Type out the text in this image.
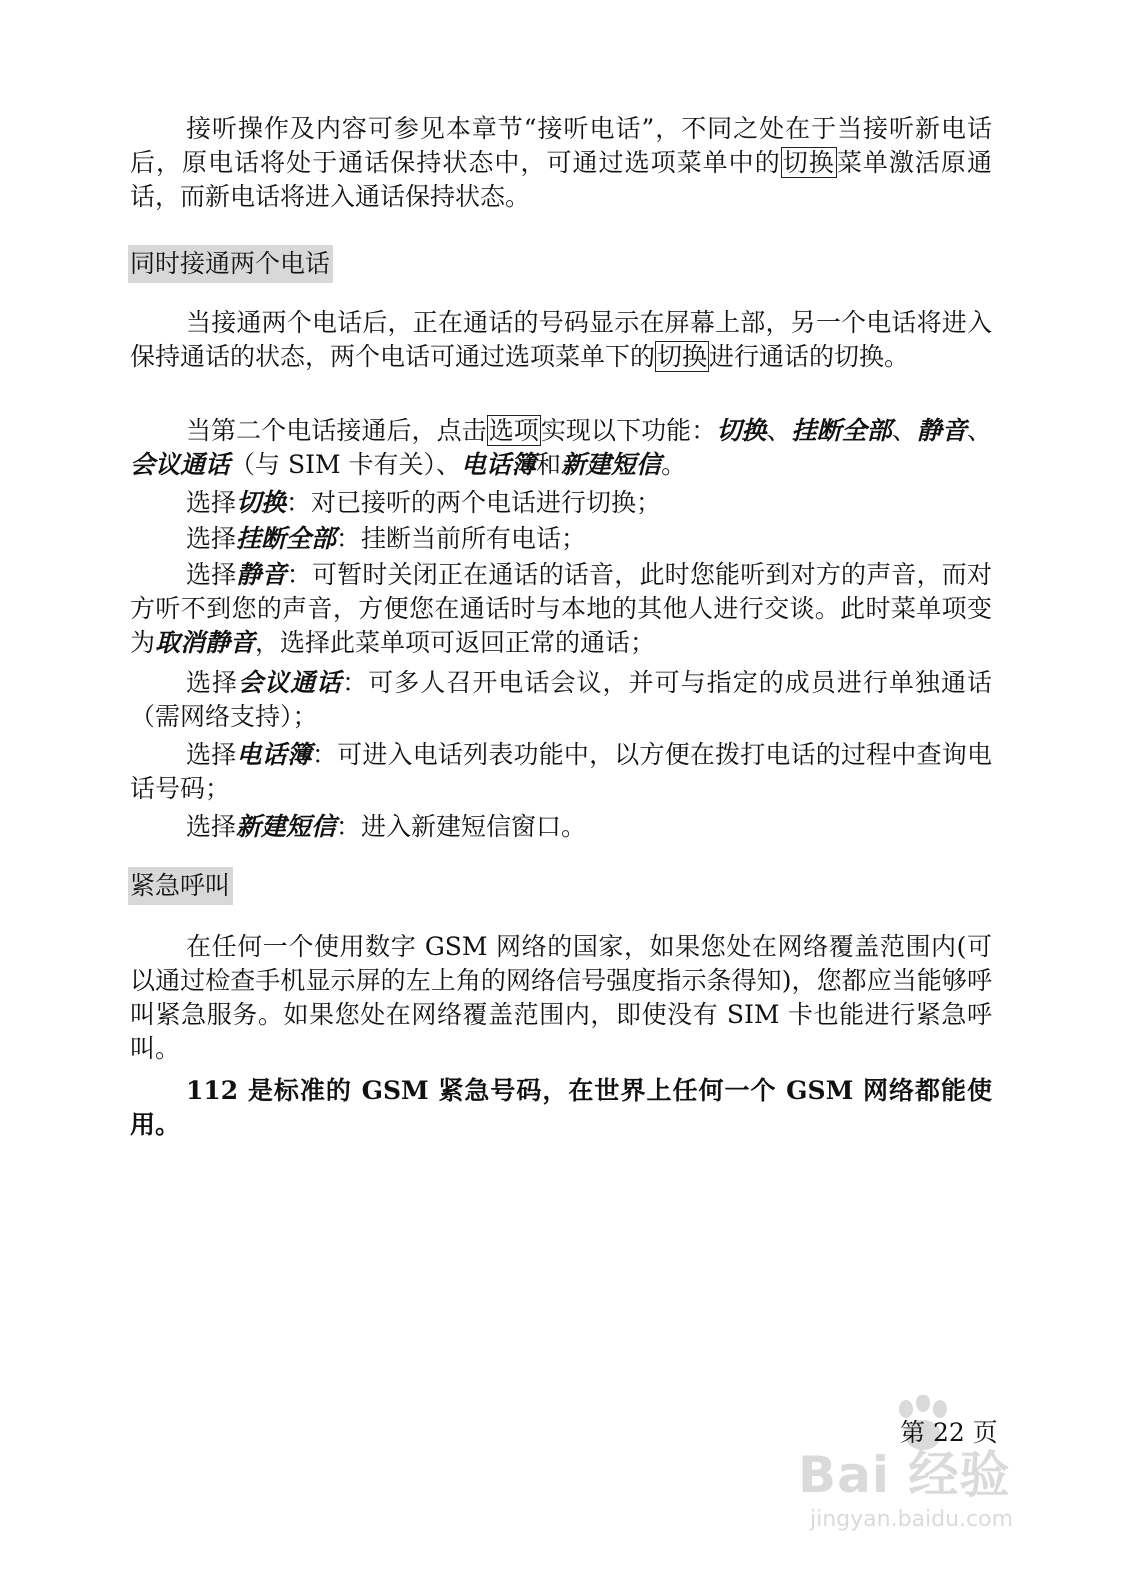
接听操作及内容可参见本章节“接听电话”，不同之处在于当接听新电话后，原电话将处于通话保持状态中，可通过选项菜单中的切换菜单激活原通话，而新电话将进入通话保持状态。

同时接通两个电话

当接通两个电话后，正在通话的号码显示在屏幕上部，另一个电话将进入保持通话的状态，两个电话可通过选项菜单下的切换进行通话的切换。

当第二个电话接通后，点击选项实现以下功能：切换、挂断全部、静音、会议通话（与 SIM 卡有关）、电话簿和新建短信。

选择切换：对已接听的两个电话进行切换；

选择挂断全部：挂断当前所有电话；

选择静音：可暂时关闭正在通话的话音，此时您能听到对方的声音，而对方听不到您的声音，方便您在通话时与本地的其他人进行交谈。此时菜单项变为取消静音，选择此菜单项可返回正常的通话；

选择会议通话：可多人召开电话会议，并可与指定的成员进行单独通话（需网络支持）；

选择电话簿：可进入电话列表功能中，以方便在拨打电话的过程中查询电话号码；

选择新建短信：进入新建短信窗口。

紧急呼叫

在任何一个使用数字 GSM 网络的国家，如果您处在网络覆盖范围内(可以通过检查手机显示屏的左上角的网络信号强度指示条得知)，您都应当能够呼叫紧急服务。如果您处在网络覆盖范围内，即使没有 SIM 卡也能进行紧急呼叫。

112 是标准的 GSM 紧急号码，在世界上任何一个 GSM 网络都能使用。

Bai 经验
jingyan.baidu.com
第 22 页
